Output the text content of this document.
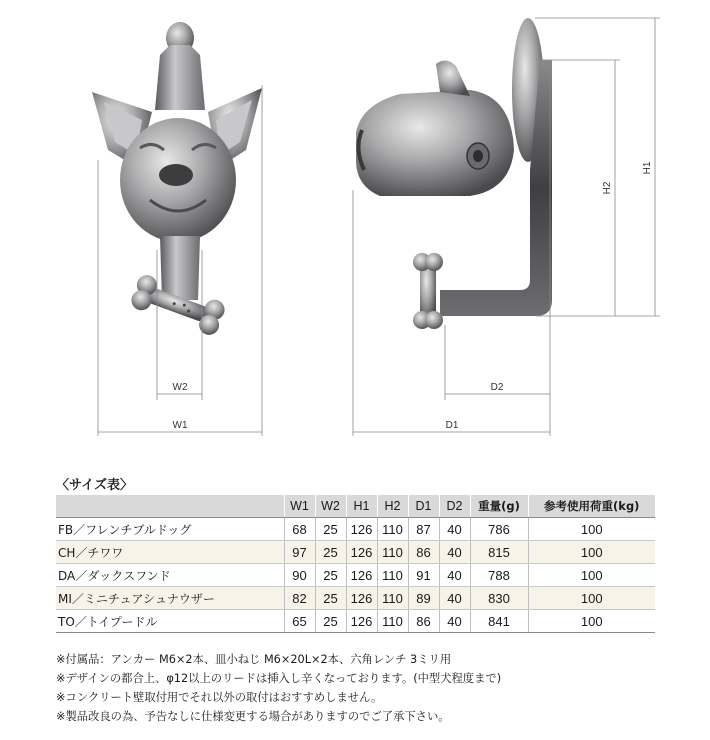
W1
W2
D1
D2
H2
H1
〈サイズ表〉
	W1	W2	H1	H2	D1	D2	重量(g)	参考使用荷重(kg)
FB／フレンチブルドッグ	68	25	126	110	87	40	786	100
CH／チワワ	97	25	126	110	86	40	815	100
DA／ダックスフンド	90	25	126	110	91	40	788	100
MI／ミニチュアシュナウザー	82	25	126	110	89	40	830	100
TO／トイプードル	65	25	126	110	86	40	841	100
※付属品：アンカー M6×2本、皿小ねじ M6×20L×2本、六角レンチ 3ミリ用
※デザインの都合上、φ12以上のリードは挿入し辛くなっております。(中型犬程度まで)
※コンクリート壁取付用でそれ以外の取付はおすすめしません。
※製品改良の為、予告なしに仕様変更する場合がありますのでご了承下さい。
